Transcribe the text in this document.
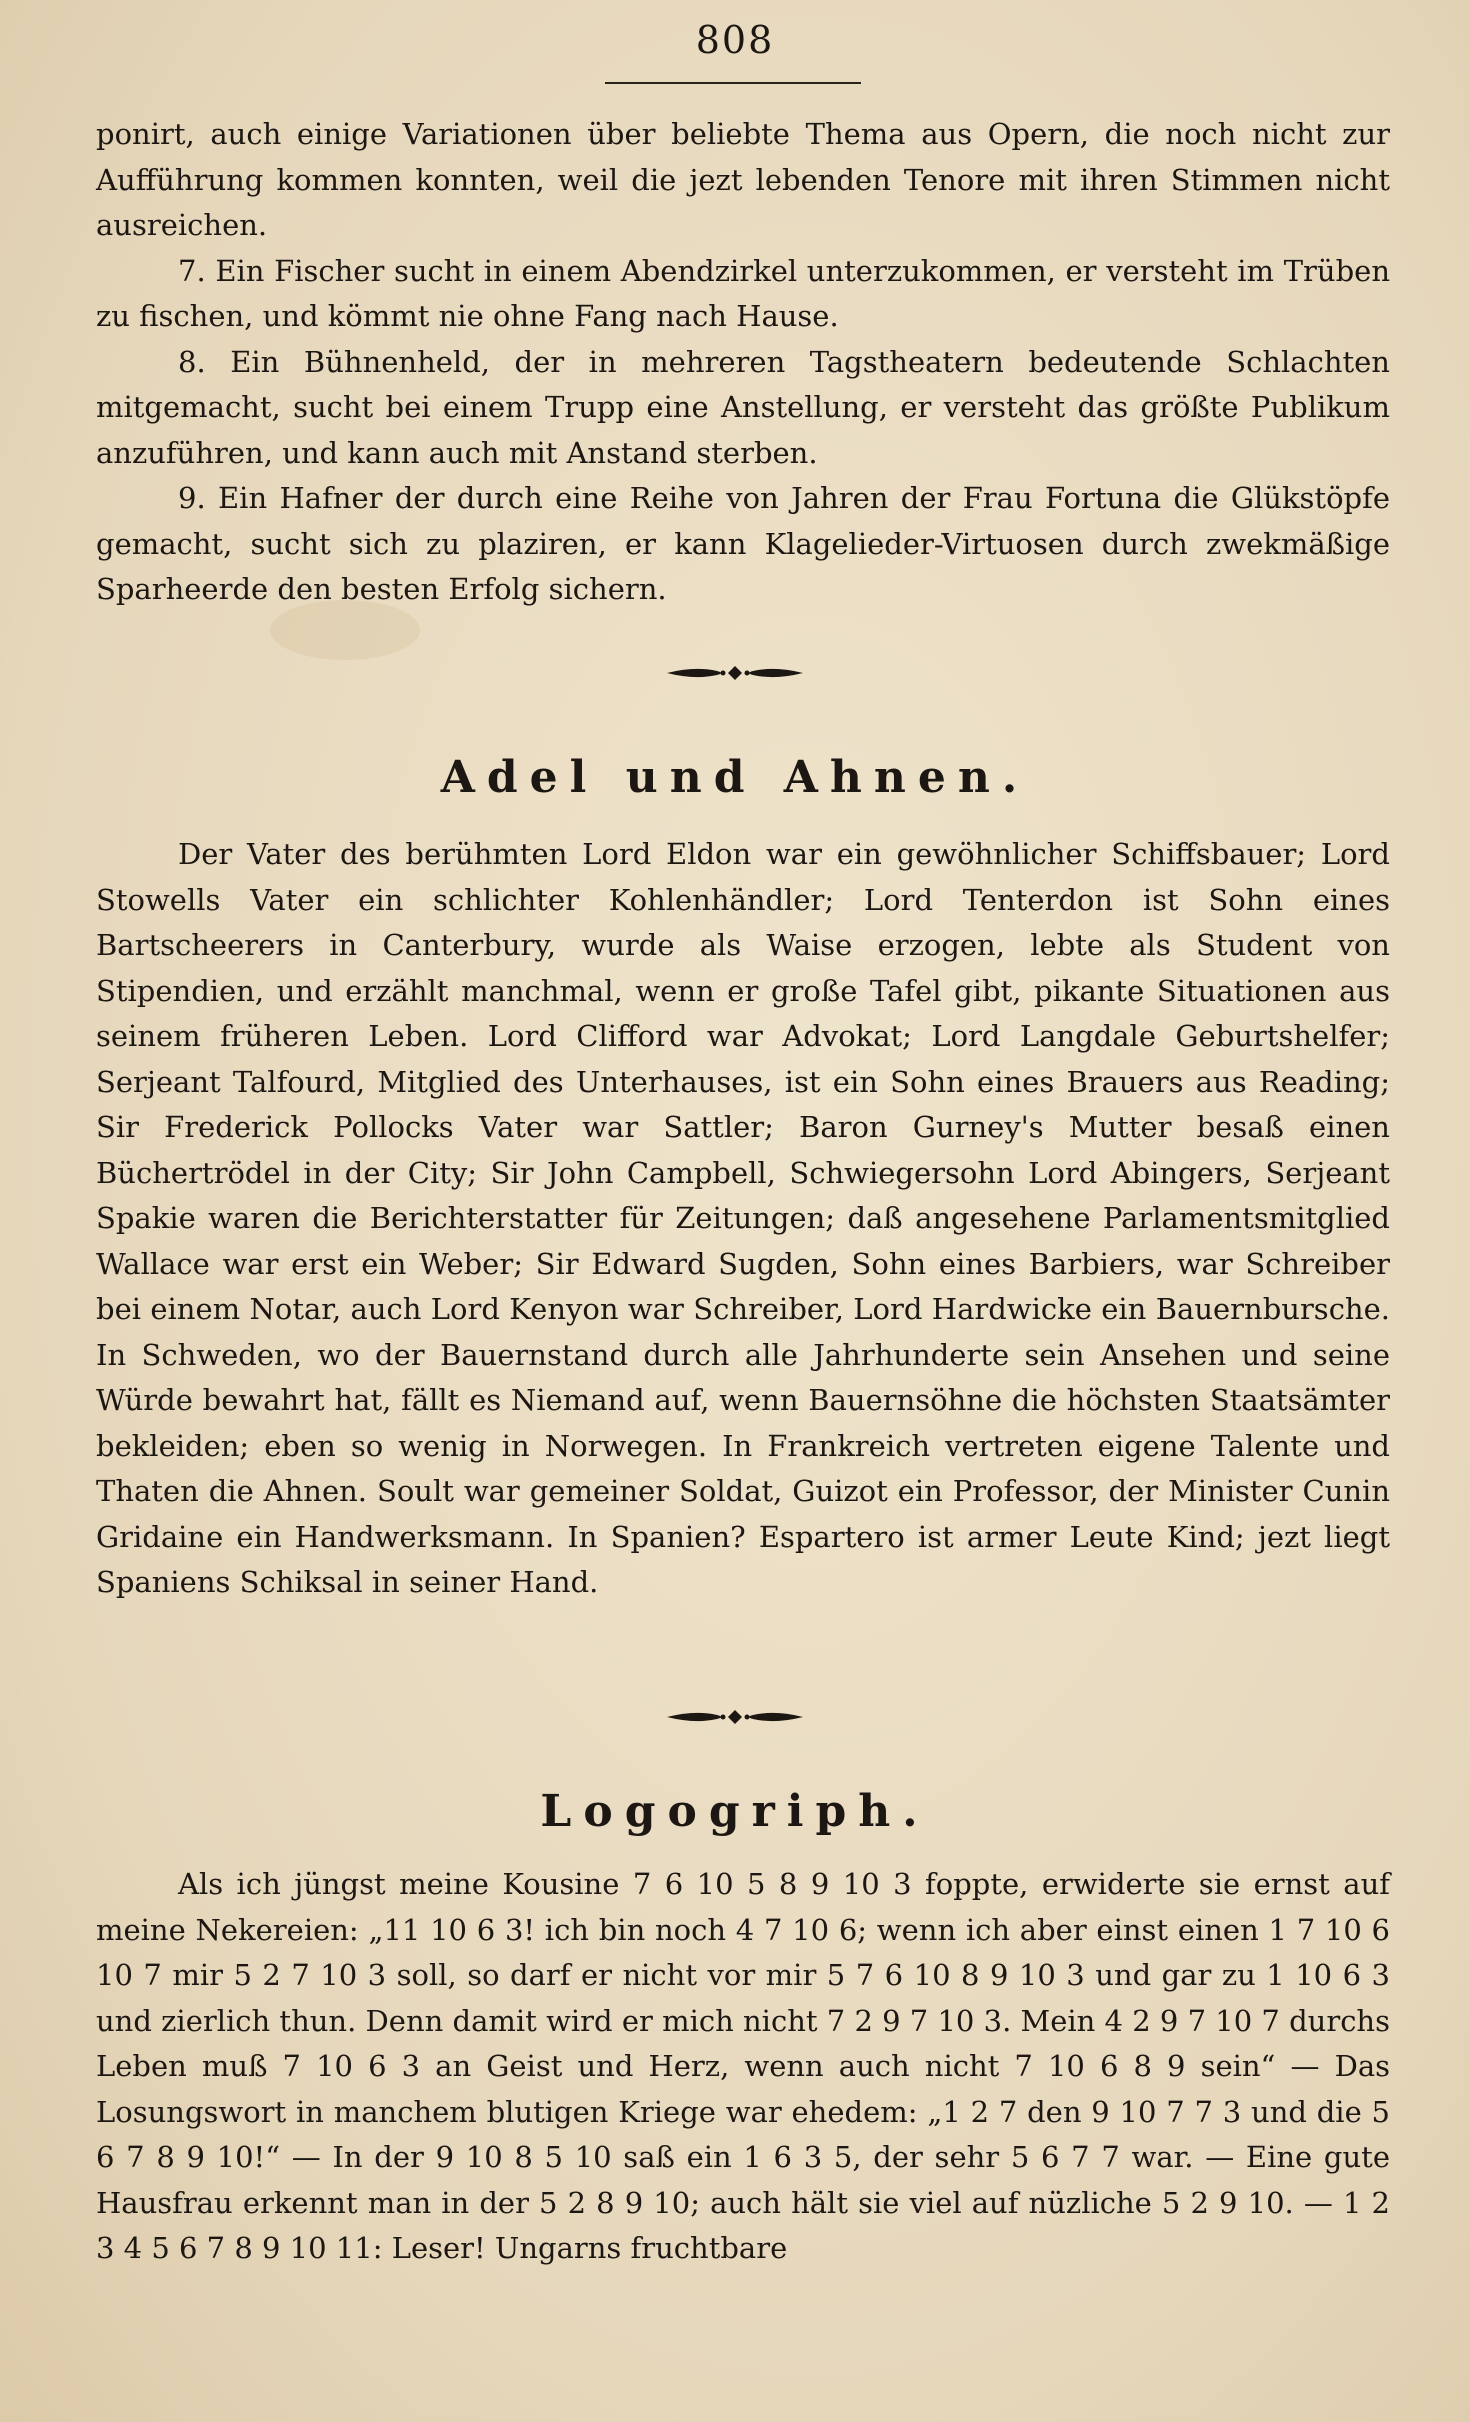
808

ponirt, auch einige Variationen über beliebte Thema aus Opern, die noch nicht zur Aufführung kommen konnten, weil die jezt lebenden Tenore mit ihren Stimmen nicht ausreichen.

7. Ein Fischer sucht in einem Abendzirkel unterzukommen, er versteht im Trüben zu fischen, und kömmt nie ohne Fang nach Hause.

8. Ein Bühnenheld, der in mehreren Tagstheatern bedeutende Schlachten mitgemacht, sucht bei einem Trupp eine Anstellung, er versteht das größte Publikum anzuführen, und kann auch mit Anstand sterben.

9. Ein Hafner der durch eine Reihe von Jahren der Frau Fortuna die Glükstöpfe gemacht, sucht sich zu plaziren, er kann Klagelieder-Virtuosen durch zwekmäßige Sparheerde den besten Erfolg sichern.

Adel und Ahnen.

Der Vater des berühmten Lord Eldon war ein gewöhnlicher Schiffsbauer; Lord Stowells Vater ein schlichter Kohlenhändler; Lord Tenterdon ist Sohn eines Bartscheerers in Canterbury, wurde als Waise erzogen, lebte als Student von Stipendien, und erzählt manchmal, wenn er große Tafel gibt, pikante Situationen aus seinem früheren Leben. Lord Clifford war Advokat; Lord Langdale Geburtshelfer; Serjeant Talfourd, Mitglied des Unterhauses, ist ein Sohn eines Brauers aus Reading; Sir Frederick Pollocks Vater war Sattler; Baron Gurney's Mutter besaß einen Büchertrödel in der City; Sir John Campbell, Schwiegersohn Lord Abingers, Serjeant Spakie waren die Berichterstatter für Zeitungen; daß angesehene Parlamentsmitglied Wallace war erst ein Weber; Sir Edward Sugden, Sohn eines Barbiers, war Schreiber bei einem Notar, auch Lord Kenyon war Schreiber, Lord Hardwicke ein Bauernbursche. In Schweden, wo der Bauernstand durch alle Jahrhunderte sein Ansehen und seine Würde bewahrt hat, fällt es Niemand auf, wenn Bauernsöhne die höchsten Staatsämter bekleiden; eben so wenig in Norwegen. In Frankreich vertreten eigene Talente und Thaten die Ahnen. Soult war gemeiner Soldat, Guizot ein Professor, der Minister Cunin Gridaine ein Handwerksmann. In Spanien? Espartero ist armer Leute Kind; jezt liegt Spaniens Schiksal in seiner Hand.

Logogriph.

Als ich jüngst meine Kousine 7 6 10 5 8 9 10 3 foppte, erwiderte sie ernst auf meine Nekereien: „11 10 6 3! ich bin noch 4 7 10 6; wenn ich aber einst einen 1 7 10 6 10 7 mir 5 2 7 10 3 soll, so darf er nicht vor mir 5 7 6 10 8 9 10 3 und gar zu 1 10 6 3 und zierlich thun. Denn damit wird er mich nicht 7 2 9 7 10 3. Mein 4 2 9 7 10 7 durchs Leben muß 7 10 6 3 an Geist und Herz, wenn auch nicht 7 10 6 8 9 sein“ — Das Losungswort in manchem blutigen Kriege war ehedem: „1 2 7 den 9 10 7 7 3 und die 5 6 7 8 9 10!“ — In der 9 10 8 5 10 saß ein 1 6 3 5, der sehr 5 6 7 7 war. — Eine gute Hausfrau erkennt man in der 5 2 8 9 10; auch hält sie viel auf nüzliche 5 2 9 10. — 1 2 3 4 5 6 7 8 9 10 11: Leser! Ungarns fruchtbare
